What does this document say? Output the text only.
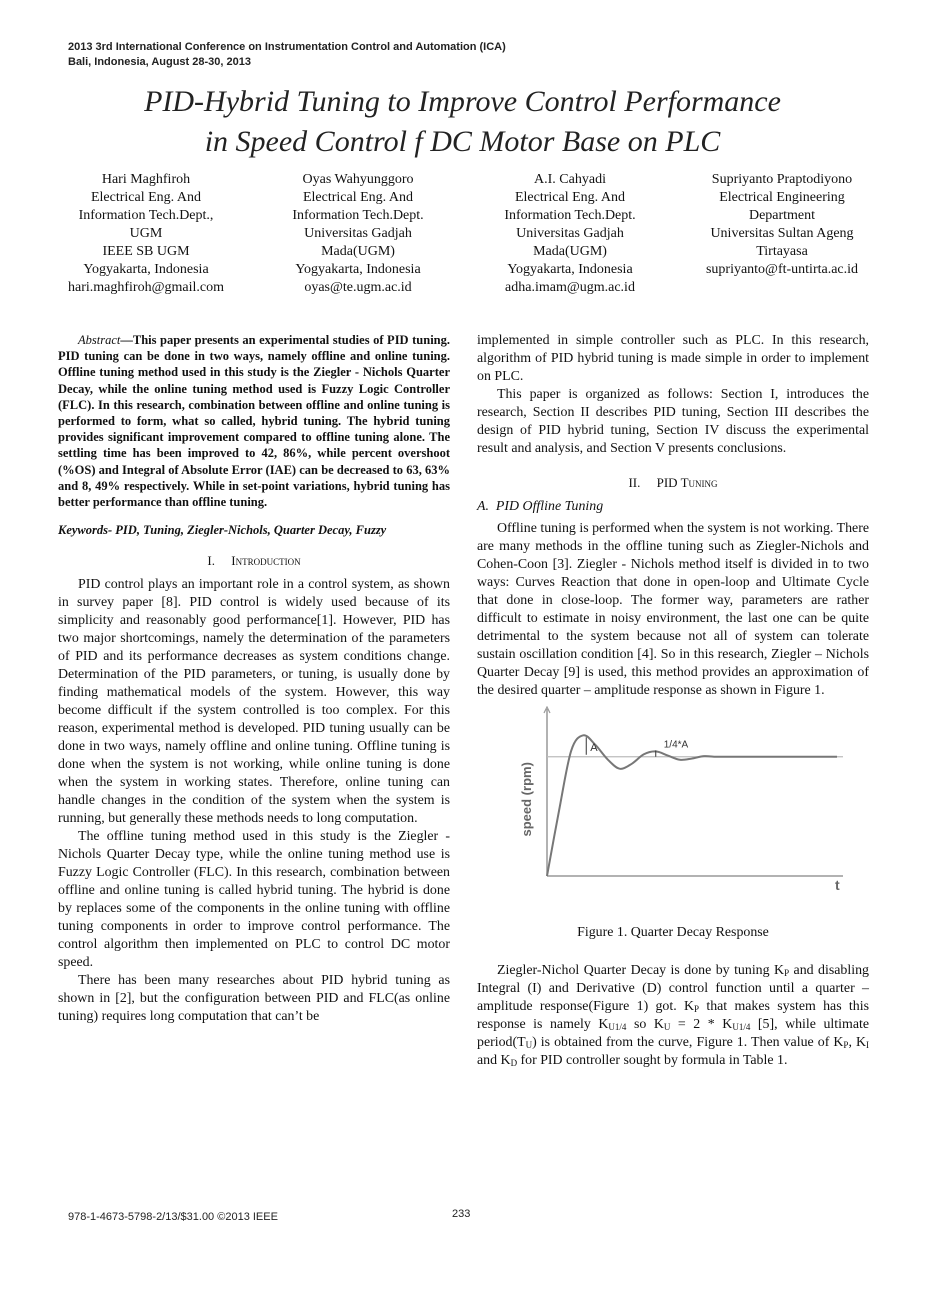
2013 3rd International Conference on Instrumentation Control and Automation (ICA)
Bali, Indonesia, August 28-30, 2013
PID-Hybrid Tuning to Improve Control Performance
in Speed Control f DC Motor Base on PLC
Hari Maghfiroh
Electrical Eng. And
Information Tech.Dept.,
UGM
IEEE SB UGM
Yogyakarta, Indonesia
hari.maghfiroh@gmail.com
Oyas Wahyunggoro
Electrical Eng. And
Information Tech.Dept.
Universitas Gadjah
Mada(UGM)
Yogyakarta, Indonesia
oyas@te.ugm.ac.id
A.I. Cahyadi
Electrical Eng. And
Information Tech.Dept.
Universitas Gadjah
Mada(UGM)
Yogyakarta, Indonesia
adha.imam@ugm.ac.id
Supriyanto Praptodiyono
Electrical Engineering
Department
Universitas Sultan Ageng
Tirtayasa
supriyanto@ft-untirta.ac.id

Abstract—This paper presents an experimental studies of PID tuning. PID tuning can be done in two ways, namely offline and online tuning. Offline tuning method used in this study is the Ziegler - Nichols Quarter Decay, while the online tuning method used is Fuzzy Logic Controller (FLC). In this research, combination between offline and online tuning is performed to form, what so called, hybrid tuning. The hybrid tuning provides significant improvement compared to offline tuning alone. The settling time has been improved to 42, 86%, while percent overshoot (%OS) and Integral of Absolute Error (IAE) can be decreased to 63, 63% and 8, 49% respectively. While in set-point variations, hybrid tuning has better performance than offline tuning.

Keywords- PID, Tuning, Ziegler-Nichols, Quarter Decay, Fuzzy

I. Introduction

PID control plays an important role in a control system, as shown in survey paper [8]. PID control is widely used because of its simplicity and reasonably good performance[1]. However, PID has two major shortcomings, namely the determination of the parameters of PID and its performance decreases as system conditions change. Determination of the PID parameters, or tuning, is usually done by finding mathematical models of the system. However, this way become difficult if the system controlled is too complex. For this reason, experimental method is developed. PID tuning usually can be done in two ways, namely offline and online tuning. Offline tuning is done when the system is not working, while online tuning is done when the system in working states. Therefore, online tuning can handle changes in the condition of the system when the system is running, but generally these methods needs to long computation.

The offline tuning method used in this study is the Ziegler - Nichols Quarter Decay type, while the online tuning method use is Fuzzy Logic Controller (FLC). In this research, combination between offline and online tuning is called hybrid tuning. The hybrid is done by replaces some of the components in the online tuning with offline tuning components in order to improve control performance. The control algorithm then implemented on PLC to control DC motor speed.

There has been many researches about PID hybrid tuning as shown in [2], but the configuration between PID and FLC(as online tuning) requires long computation that can’t be

implemented in simple controller such as PLC. In this research, algorithm of PID hybrid tuning is made simple in order to implement on PLC.

This paper is organized as follows: Section I, introduces the research, Section II describes PID tuning, Section III describes the design of PID hybrid tuning, Section IV discuss the experimental result and analysis, and Section V presents conclusions.

II. PID Tuning

A. PID Offline Tuning

Offline tuning is performed when the system is not working. There are many methods in the offline tuning such as Ziegler-Nichols and Cohen-Coon [3]. Ziegler - Nichols method itself is divided in to two ways: Curves Reaction that done in open-loop and Ultimate Cycle that done in close-loop. The former way, parameters are rather difficult to estimate in noisy environment, the last one can be quite detrimental to the system because not all of system can tolerate sustain oscillation condition [4]. So in this research, Ziegler – Nichols Quarter Decay [9] is used, this method provides an approximation of the desired quarter – amplitude response as shown in Figure 1.

speed (rpm)
t
A	1/4*A

Figure 1. Quarter Decay Response

Ziegler-Nichol Quarter Decay is done by tuning $K_P$ and disabling Integral (I) and Derivative (D) control function until a quarter – amplitude response(Figure 1) got. $K_P$ that makes system has this response is namely $K_{U1/4}$ so $K_U = 2 * K_{U1/4}$ [5], while ultimate $period(T_U)$ is obtained from the curve, Figure 1. Then value of $K_P$, $K_I$ and $K_D$ for PID controller sought by formula in Table 1.

978-1-4673-5798-2/13/$31.00 ©2013 IEEE	233
